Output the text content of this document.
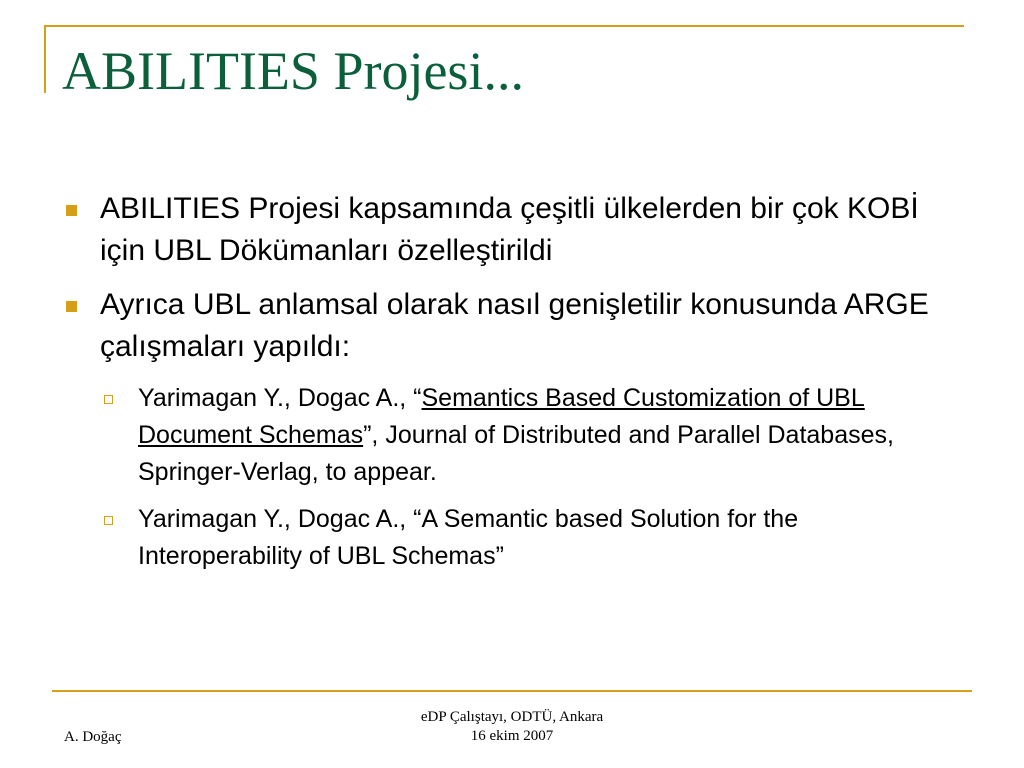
ABILITIES Projesi...
ABILITIES Projesi kapsamında çeşitli ülkelerden bir çok KOBİ için UBL Dökümanları özelleştirildi
Ayrıca UBL anlamsal olarak nasıl genişletilir konusunda ARGE çalışmaları yapıldı:
Yarimagan Y., Dogac A., “Semantics Based Customization of UBL Document Schemas”, Journal of Distributed and Parallel Databases, Springer-Verlag, to appear.
Yarimagan Y., Dogac A., “A Semantic based Solution for the Interoperability of UBL Schemas”
A. Doğaç
eDP Çalıştayı, ODTÜ, Ankara
16 ekim 2007
